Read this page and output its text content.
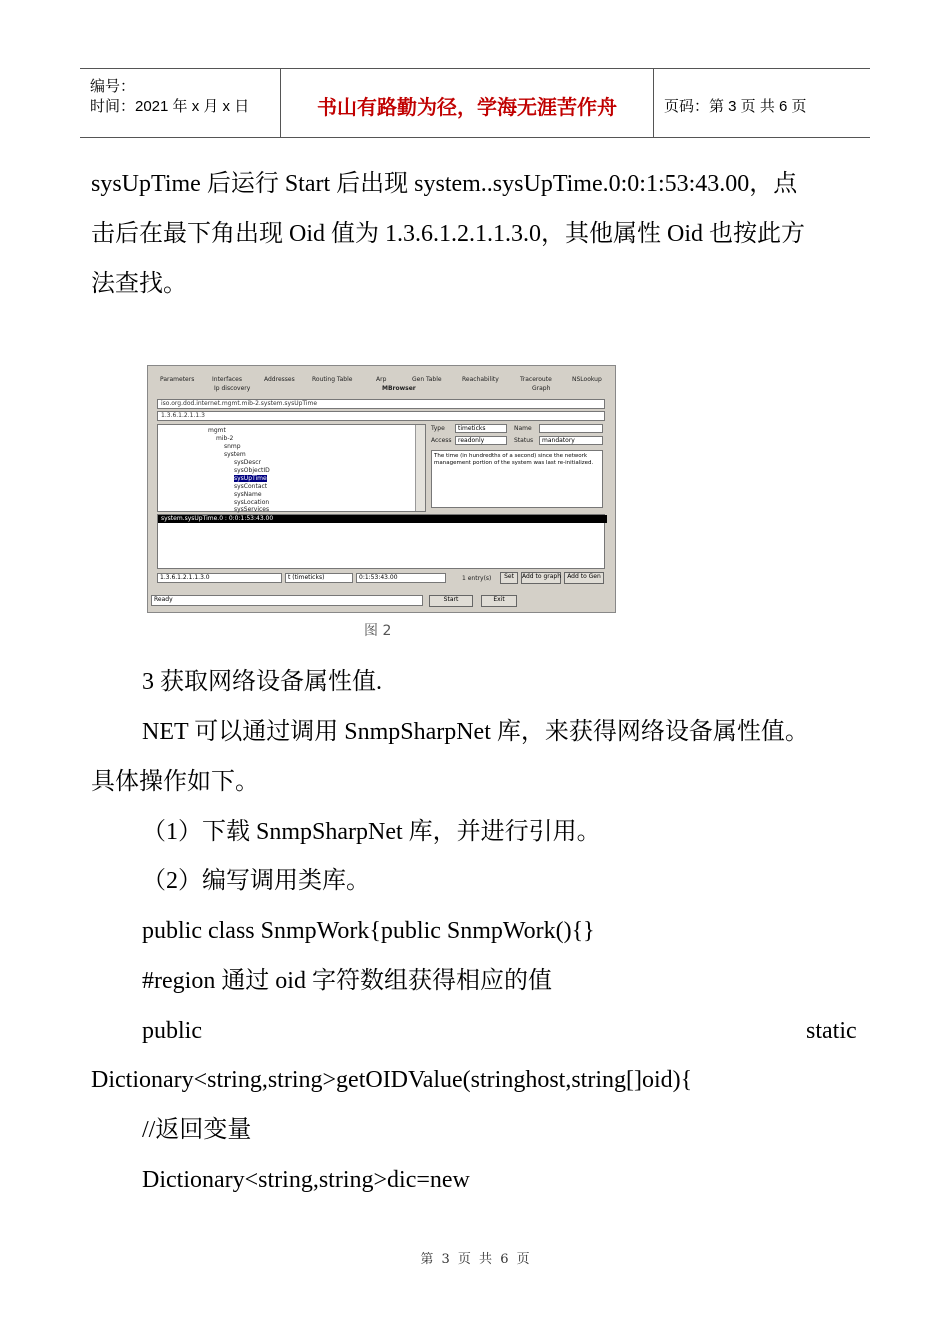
编号：
时间：2021 年 x 月 x 日	书山有路勤为径，学海无涯苦作舟	页码：第 3 页 共 6 页
sysUpTime 后运行 Start 后出现 system..sysUpTime.0:0:1:53:43.00，点
击后在最下角出现 Oid 值为 1.3.6.1.2.1.1.3.0，其他属性 Oid 也按此方
法查找。
Parameters	Interfaces	Addresses	Routing Table	Arp	Gen Table	Reachability	Traceroute	NSLookup
Ip discovery	MBrowser	Graph
iso.org.dod.internet.mgmt.mib-2.system.sysUpTime
1.3.6.1.2.1.1.3
mgmt
mib-2
snmp
system
sysDescr
sysObjectID
sysUpTime
sysContact
sysName
sysLocation
sysServices
Type	timeticks	Name
Access	readonly	Status	mandatory
The time (in hundredths of a second) since the network management portion of the system was last re-initialized.
system.sysUpTime.0 : 0:0:1:53:43.00
1.3.6.1.2.1.1.3.0	t (timeticks)	0:1:53:43.00	1 entry(s)	Set	Add to graph	Add to Gen
Ready	Start	Exit
图 2
3 获取网络设备属性值.
NET 可以通过调用 SnmpSharpNet 库，来获得网络设备属性值。
具体操作如下。
（1）下载 SnmpSharpNet 库，并进行引用。
（2）编写调用类库。
public class SnmpWork{public SnmpWork(){}
#region 通过 oid 字符数组获得相应的值
public	static
Dictionary<string,string>getOIDValue(stringhost,string[]oid){
//返回变量
Dictionary<string,string>dic=new
第 3 页 共 6 页
